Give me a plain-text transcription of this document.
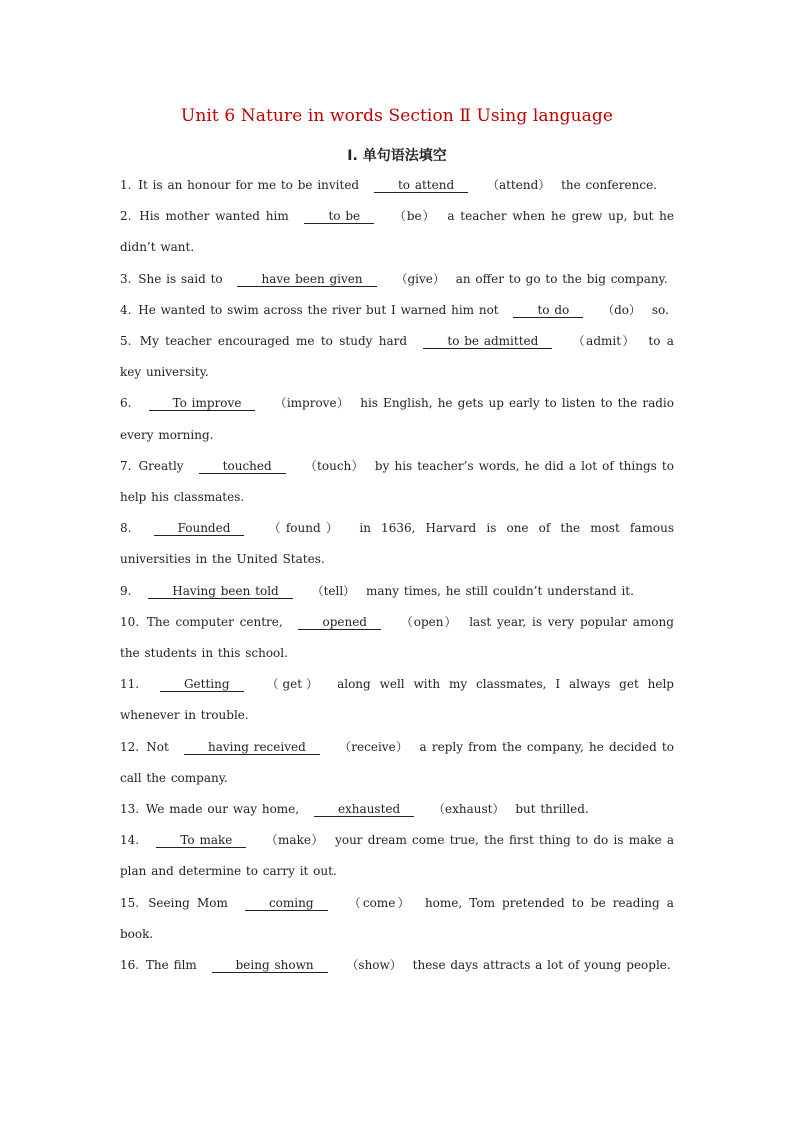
Unit 6 Nature in words Section Ⅱ Using language
Ⅰ. 单句语法填空

1. It is an honour for me to be invited	to attend	（attend） the conference.

2. His mother wanted him	to be	（be） a teacher when he grew up, but he didn’t want.

3. She is said to	have been given	（give） an offer to go to the big company.

4. He wanted to swim across the river but I warned him not	to do	（do） so.

5. My teacher encouraged me to study hard	to be admitted	（admit） to a key university.

6.	To improve	（improve） his English, he gets up early to listen to the radio every morning.

7. Greatly	touched	（touch） by his teacher’s words, he did a lot of things to help his classmates.

8.	Founded	（found） in 1636, Harvard is one of the most famous universities in the United States.

9.	Having been told	（tell） many times, he still couldn’t understand it.

10. The computer centre,	opened	（open） last year, is very popular among the students in this school.

11.	Getting	（get） along well with my classmates, I always get help whenever in trouble.

12. Not	having received	（receive） a reply from the company, he decided to call the company.

13. We made our way home,	exhausted	（exhaust） but thrilled.

14.	To make	（make） your dream come true, the first thing to do is make a plan and determine to carry it out.

15. Seeing Mom	coming	（come） home, Tom pretended to be reading a book.

16. The film	being shown	（show） these days attracts a lot of young people.
